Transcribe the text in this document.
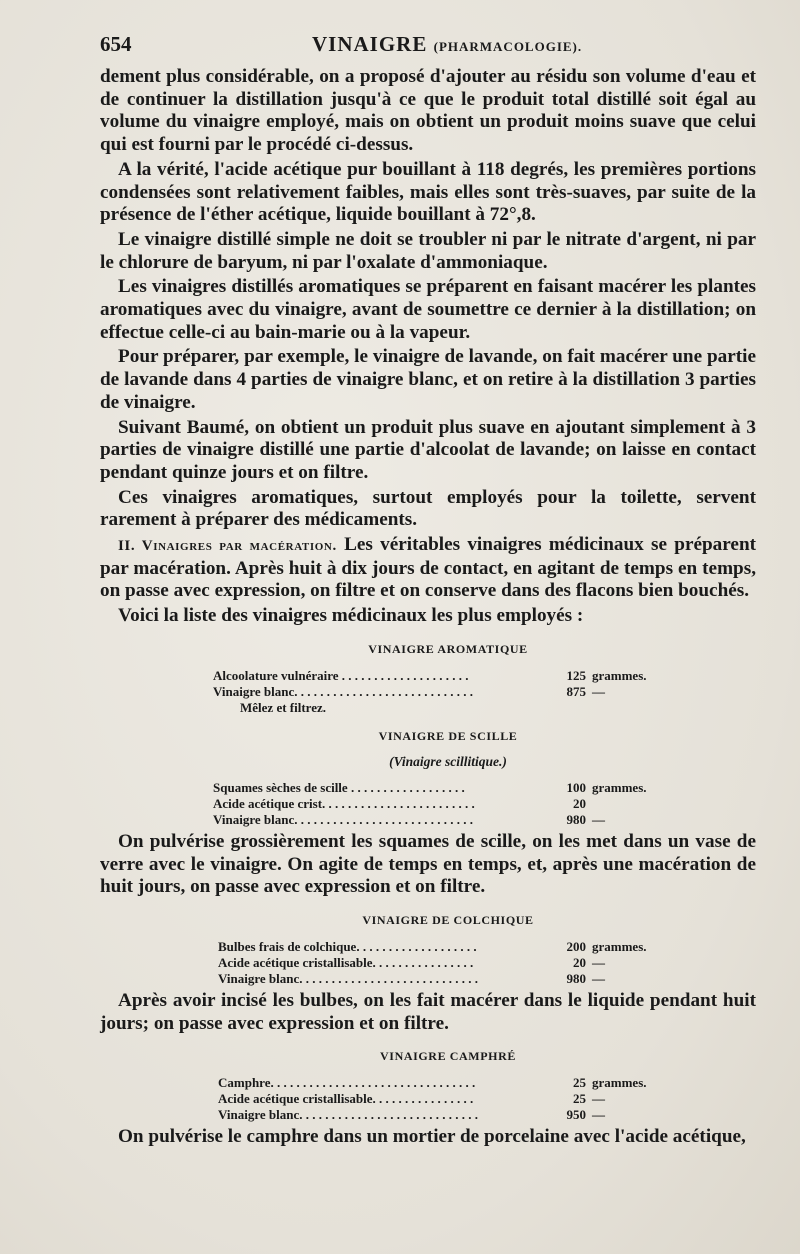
654	VINAIGRE (PHARMACOLOGIE).

dement plus considérable, on a proposé d'ajouter au résidu son volume d'eau et de continuer la distillation jusqu'à ce que le produit total distillé soit égal au volume du vinaigre employé, mais on obtient un produit moins suave que celui qui est fourni par le procédé ci-dessus.

A la vérité, l'acide acétique pur bouillant à 118 degrés, les premières portions condensées sont relativement faibles, mais elles sont très-suaves, par suite de la présence de l'éther acétique, liquide bouillant à 72°,8.

Le vinaigre distillé simple ne doit se troubler ni par le nitrate d'argent, ni par le chlorure de baryum, ni par l'oxalate d'ammoniaque.

Les vinaigres distillés aromatiques se préparent en faisant macérer les plantes aromatiques avec du vinaigre, avant de soumettre ce dernier à la distillation; on effectue celle-ci au bain-marie ou à la vapeur.

Pour préparer, par exemple, le vinaigre de lavande, on fait macérer une partie de lavande dans 4 parties de vinaigre blanc, et on retire à la distillation 3 parties de vinaigre.

Suivant Baumé, on obtient un produit plus suave en ajoutant simplement à 3 parties de vinaigre distillé une partie d'alcoolat de lavande; on laisse en contact pendant quinze jours et on filtre.

Ces vinaigres aromatiques, surtout employés pour la toilette, servent rarement à préparer des médicaments.

II. Vinaigres par macération. Les véritables vinaigres médicinaux se préparent par macération. Après huit à dix jours de contact, en agitant de temps en temps, on passe avec expression, on filtre et on conserve dans des flacons bien bouchés.

Voici la liste des vinaigres médicinaux les plus employés :

VINAIGRE AROMATIQUE
Alcoolature vulnéraire . . . . . . . . . . . . . . . . . . . .	125 grammes.
Vinaigre blanc. . . . . . . . . . . . . . . . . . . . . . . . . . . .	875 —
Mêlez et filtrez.
VINAIGRE DE SCILLE
(Vinaigre scillitique.)
Squames sèches de scille . . . . . . . . . . . . . . . . . .	100 grammes.
Acide acétique crist. . . . . . . . . . . . . . . . . . . . . . . .	20
Vinaigre blanc. . . . . . . . . . . . . . . . . . . . . . . . . . . .	980 —

On pulvérise grossièrement les squames de scille, on les met dans un vase de verre avec le vinaigre. On agite de temps en temps, et, après une macération de huit jours, on passe avec expression et on filtre.

VINAIGRE DE COLCHIQUE
Bulbes frais de colchique. . . . . . . . . . . . . . . . . . .	200 grammes.
Acide acétique cristallisable. . . . . . . . . . . . . . . .	20 —
Vinaigre blanc. . . . . . . . . . . . . . . . . . . . . . . . . . . .	980 —

Après avoir incisé les bulbes, on les fait macérer dans le liquide pendant huit jours; on passe avec expression et on filtre.

VINAIGRE CAMPHRÉ
Camphre. . . . . . . . . . . . . . . . . . . . . . . . . . . . . . . .	25 grammes.
Acide acétique cristallisable. . . . . . . . . . . . . . . .	25 —
Vinaigre blanc. . . . . . . . . . . . . . . . . . . . . . . . . . . .	950 —

On pulvérise le camphre dans un mortier de porcelaine avec l'acide acétique,
